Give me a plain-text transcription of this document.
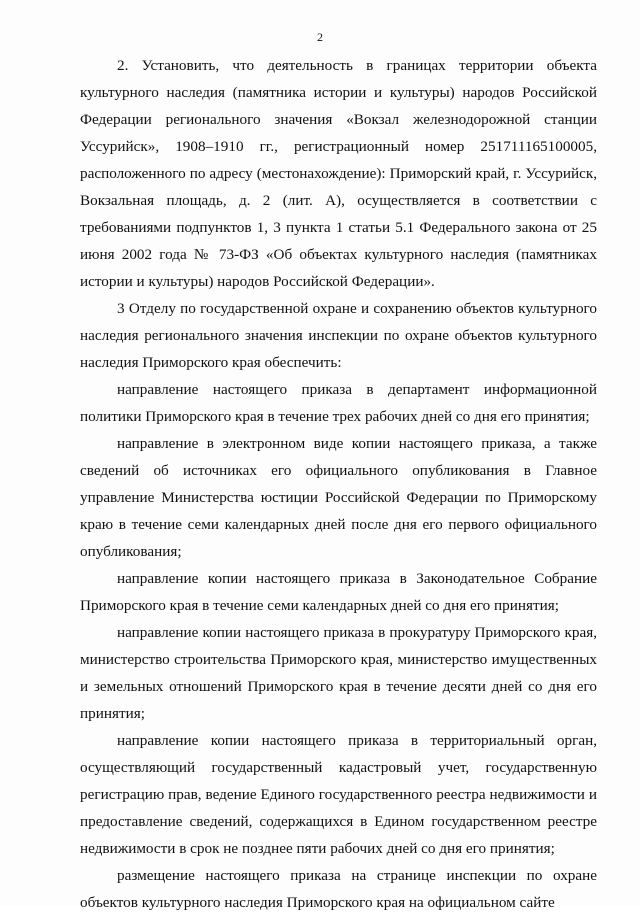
2

2. Установить, что деятельность в границах территории объекта культурного наследия (памятника истории и культуры) народов Российской Федерации регионального значения «Вокзал железнодорожной станции Уссурийск», 1908–1910 гг., регистрационный номер 251711165100005, расположенного по адресу (местонахождение): Приморский край, г. Уссурийск, Вокзальная площадь, д. 2 (лит. А), осуществляется в соответствии с требованиями подпунктов 1, 3 пункта 1 статьи 5.1 Федерального закона от 25 июня 2002 года № 73-ФЗ «Об объектах культурного наследия (памятниках истории и культуры) народов Российской Федерации».

3 Отделу по государственной охране и сохранению объектов культурного наследия регионального значения инспекции по охране объектов культурного наследия Приморского края обеспечить:

направление настоящего приказа в департамент информационной политики Приморского края в течение трех рабочих дней со дня его принятия;

направление в электронном виде копии настоящего приказа, а также сведений об источниках его официального опубликования в Главное управление Министерства юстиции Российской Федерации по Приморскому краю в течение семи календарных дней после дня его первого официального опубликования;

направление копии настоящего приказа в Законодательное Собрание Приморского края в течение семи календарных дней со дня его принятия;

направление копии настоящего приказа в прокуратуру Приморского края, министерство строительства Приморского края, министерство имущественных и земельных отношений Приморского края в течение десяти дней со дня его принятия;

направление копии настоящего приказа в территориальный орган, осуществляющий государственный кадастровый учет, государственную регистрацию прав, ведение Единого государственного реестра недвижимости и предоставление сведений, содержащихся в Едином государственном реестре недвижимости в срок не позднее пяти рабочих дней со дня его принятия;

размещение настоящего приказа на странице инспекции по охране объектов культурного наследия Приморского края на официальном сайте
